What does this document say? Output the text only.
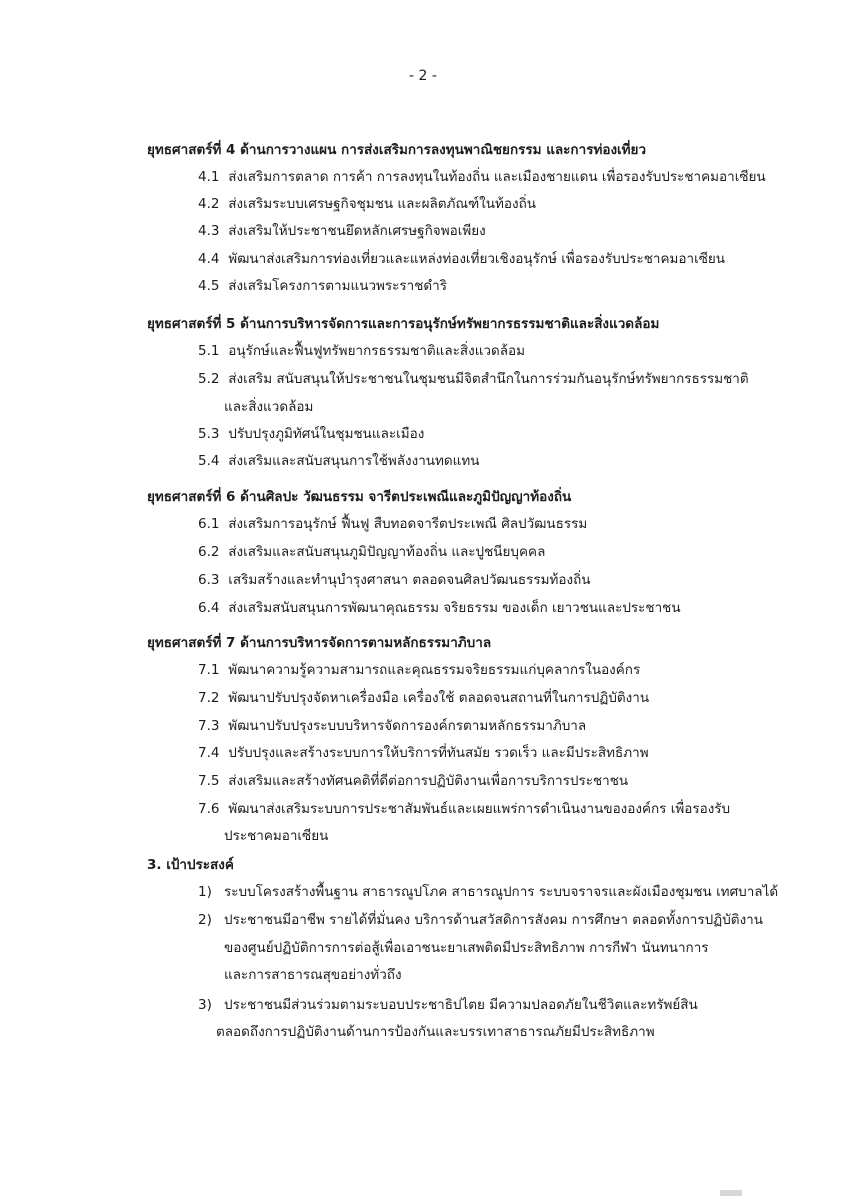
- 2 -
ยุทธศาสตร์ที่ 4 ด้านการวางแผน การส่งเสริมการลงทุนพาณิชยกรรม และการท่องเที่ยว
4.1 ส่งเสริมการตลาด การค้า การลงทุนในท้องถิ่น และเมืองชายแดน เพื่อรองรับประชาคมอาเซียน
4.2 ส่งเสริมระบบเศรษฐกิจชุมชน และผลิตภัณฑ์ในท้องถิ่น
4.3 ส่งเสริมให้ประชาชนยึดหลักเศรษฐกิจพอเพียง
4.4 พัฒนาส่งเสริมการท่องเที่ยวและแหล่งท่องเที่ยวเชิงอนุรักษ์ เพื่อรองรับประชาคมอาเซียน
4.5 ส่งเสริมโครงการตามแนวพระราชดำริ
ยุทธศาสตร์ที่ 5 ด้านการบริหารจัดการและการอนุรักษ์ทรัพยากรธรรมชาติและสิ่งแวดล้อม
5.1 อนุรักษ์และฟื้นฟูทรัพยากรธรรมชาติและสิ่งแวดล้อม
5.2 ส่งเสริม สนับสนุนให้ประชาชนในชุมชนมีจิตสำนึกในการร่วมกันอนุรักษ์ทรัพยากรธรรมชาติ
และสิ่งแวดล้อม
5.3 ปรับปรุงภูมิทัศน์ในชุมชนและเมือง
5.4 ส่งเสริมและสนับสนุนการใช้พลังงานทดแทน
ยุทธศาสตร์ที่ 6 ด้านศิลปะ วัฒนธรรม จารีตประเพณีและภูมิปัญญาท้องถิ่น
6.1 ส่งเสริมการอนุรักษ์ ฟื้นฟู สืบทอดจารีตประเพณี ศิลปวัฒนธรรม
6.2 ส่งเสริมและสนับสนุนภูมิปัญญาท้องถิ่น และปูชนียบุคคล
6.3 เสริมสร้างและทำนุบำรุงศาสนา ตลอดจนศิลปวัฒนธรรมท้องถิ่น
6.4 ส่งเสริมสนับสนุนการพัฒนาคุณธรรม จริยธรรม ของเด็ก เยาวชนและประชาชน
ยุทธศาสตร์ที่ 7 ด้านการบริหารจัดการตามหลักธรรมาภิบาล
7.1 พัฒนาความรู้ความสามารถและคุณธรรมจริยธรรมแก่บุคลากรในองค์กร
7.2 พัฒนาปรับปรุงจัดหาเครื่องมือ เครื่องใช้ ตลอดจนสถานที่ในการปฏิบัติงาน
7.3 พัฒนาปรับปรุงระบบบริหารจัดการองค์กรตามหลักธรรมาภิบาล
7.4 ปรับปรุงและสร้างระบบการให้บริการที่ทันสมัย รวดเร็ว และมีประสิทธิภาพ
7.5 ส่งเสริมและสร้างทัศนคติที่ดีต่อการปฏิบัติงานเพื่อการบริการประชาชน
7.6 พัฒนาส่งเสริมระบบการประชาสัมพันธ์และเผยแพร่การดำเนินงานขององค์กร เพื่อรองรับ
ประชาคมอาเซียน
3. เป้าประสงค์
1) ระบบโครงสร้างพื้นฐาน สาธารณูปโภค สาธารณูปการ ระบบจราจรและผังเมืองชุมชน เทศบาลได้
2) ประชาชนมีอาชีพ รายได้ที่มั่นคง บริการด้านสวัสดิการสังคม การศึกษา ตลอดทั้งการปฏิบัติงาน
ของศูนย์ปฏิบัติการการต่อสู้เพื่อเอาชนะยาเสพติดมีประสิทธิภาพ การกีฬา นันทนาการ
และการสาธารณสุขอย่างทั่วถึง
3) ประชาชนมีส่วนร่วมตามระบอบประชาธิปไตย มีความปลอดภัยในชีวิตและทรัพย์สิน
ตลอดถึงการปฏิบัติงานด้านการป้องกันและบรรเทาสาธารณภัยมีประสิทธิภาพ
